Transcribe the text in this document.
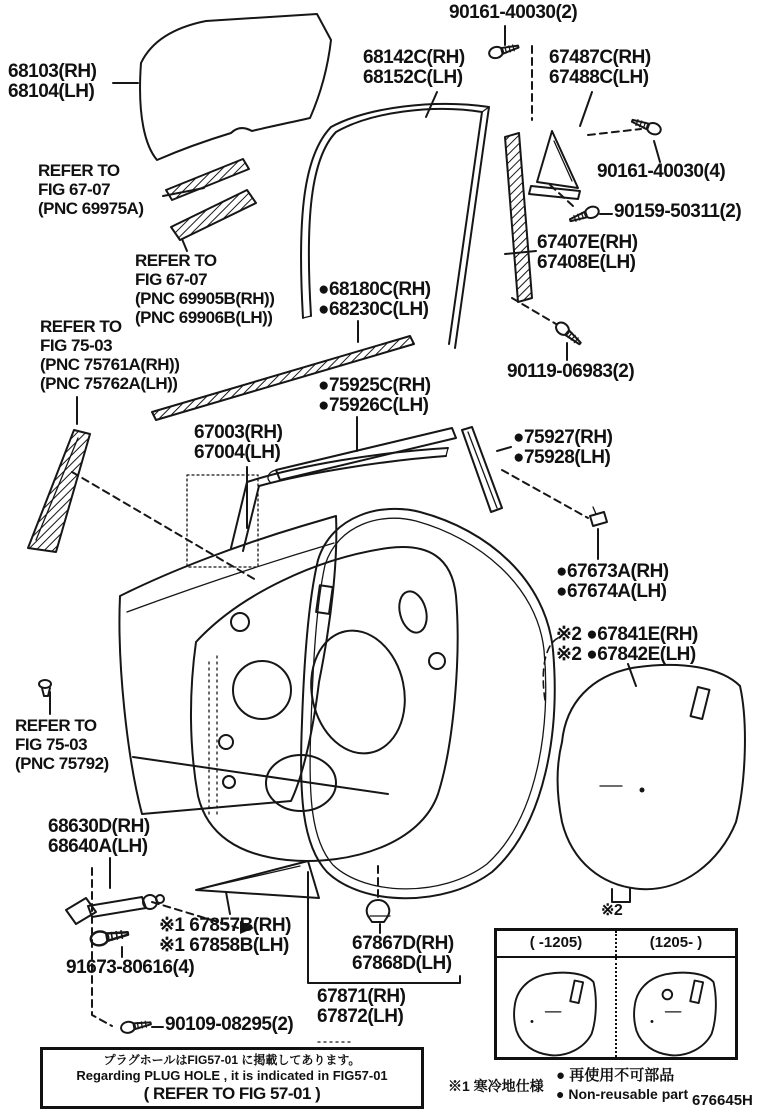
90161-40030(2)
68142C(RH)
68152C(LH)
67487C(RH)
67488C(LH)
68103(RH)
68104(LH)
REFER TO
FIG 67-07
(PNC 69975A)
90161-40030(4)
90159-50311(2)
67407E(RH)
67408E(LH)
REFER TO
FIG 67-07
(PNC 69905B(RH))
(PNC 69906B(LH))
●68180C(RH)
●68230C(LH)
REFER TO
FIG 75-03
(PNC 75761A(RH))
(PNC 75762A(LH))
90119-06983(2)
●75925C(RH)
●75926C(LH)
67003(RH)
67004(LH)
●75927(RH)
●75928(LH)
●67673A(RH)
●67674A(LH)
※2 ●67841E(RH)
※2 ●67842E(LH)
REFER TO
FIG 75-03
(PNC 75792)
68630D(RH)
68640A(LH)
※1 67857B(RH)
※1 67858B(LH)
91673-80616(4)
67867D(RH)
67868D(LH)
90109-08295(2)
67871(RH)
67872(LH)
※2
プラグホールはFIG57-01 に掲載してあります。
Regarding PLUG HOLE , it is indicated in FIG57-01
( REFER TO FIG 57-01 )
( -1205)	(1205- )
※1 寒冷地仕様
● 再使用不可部品
● Non-reusable part 676645H
